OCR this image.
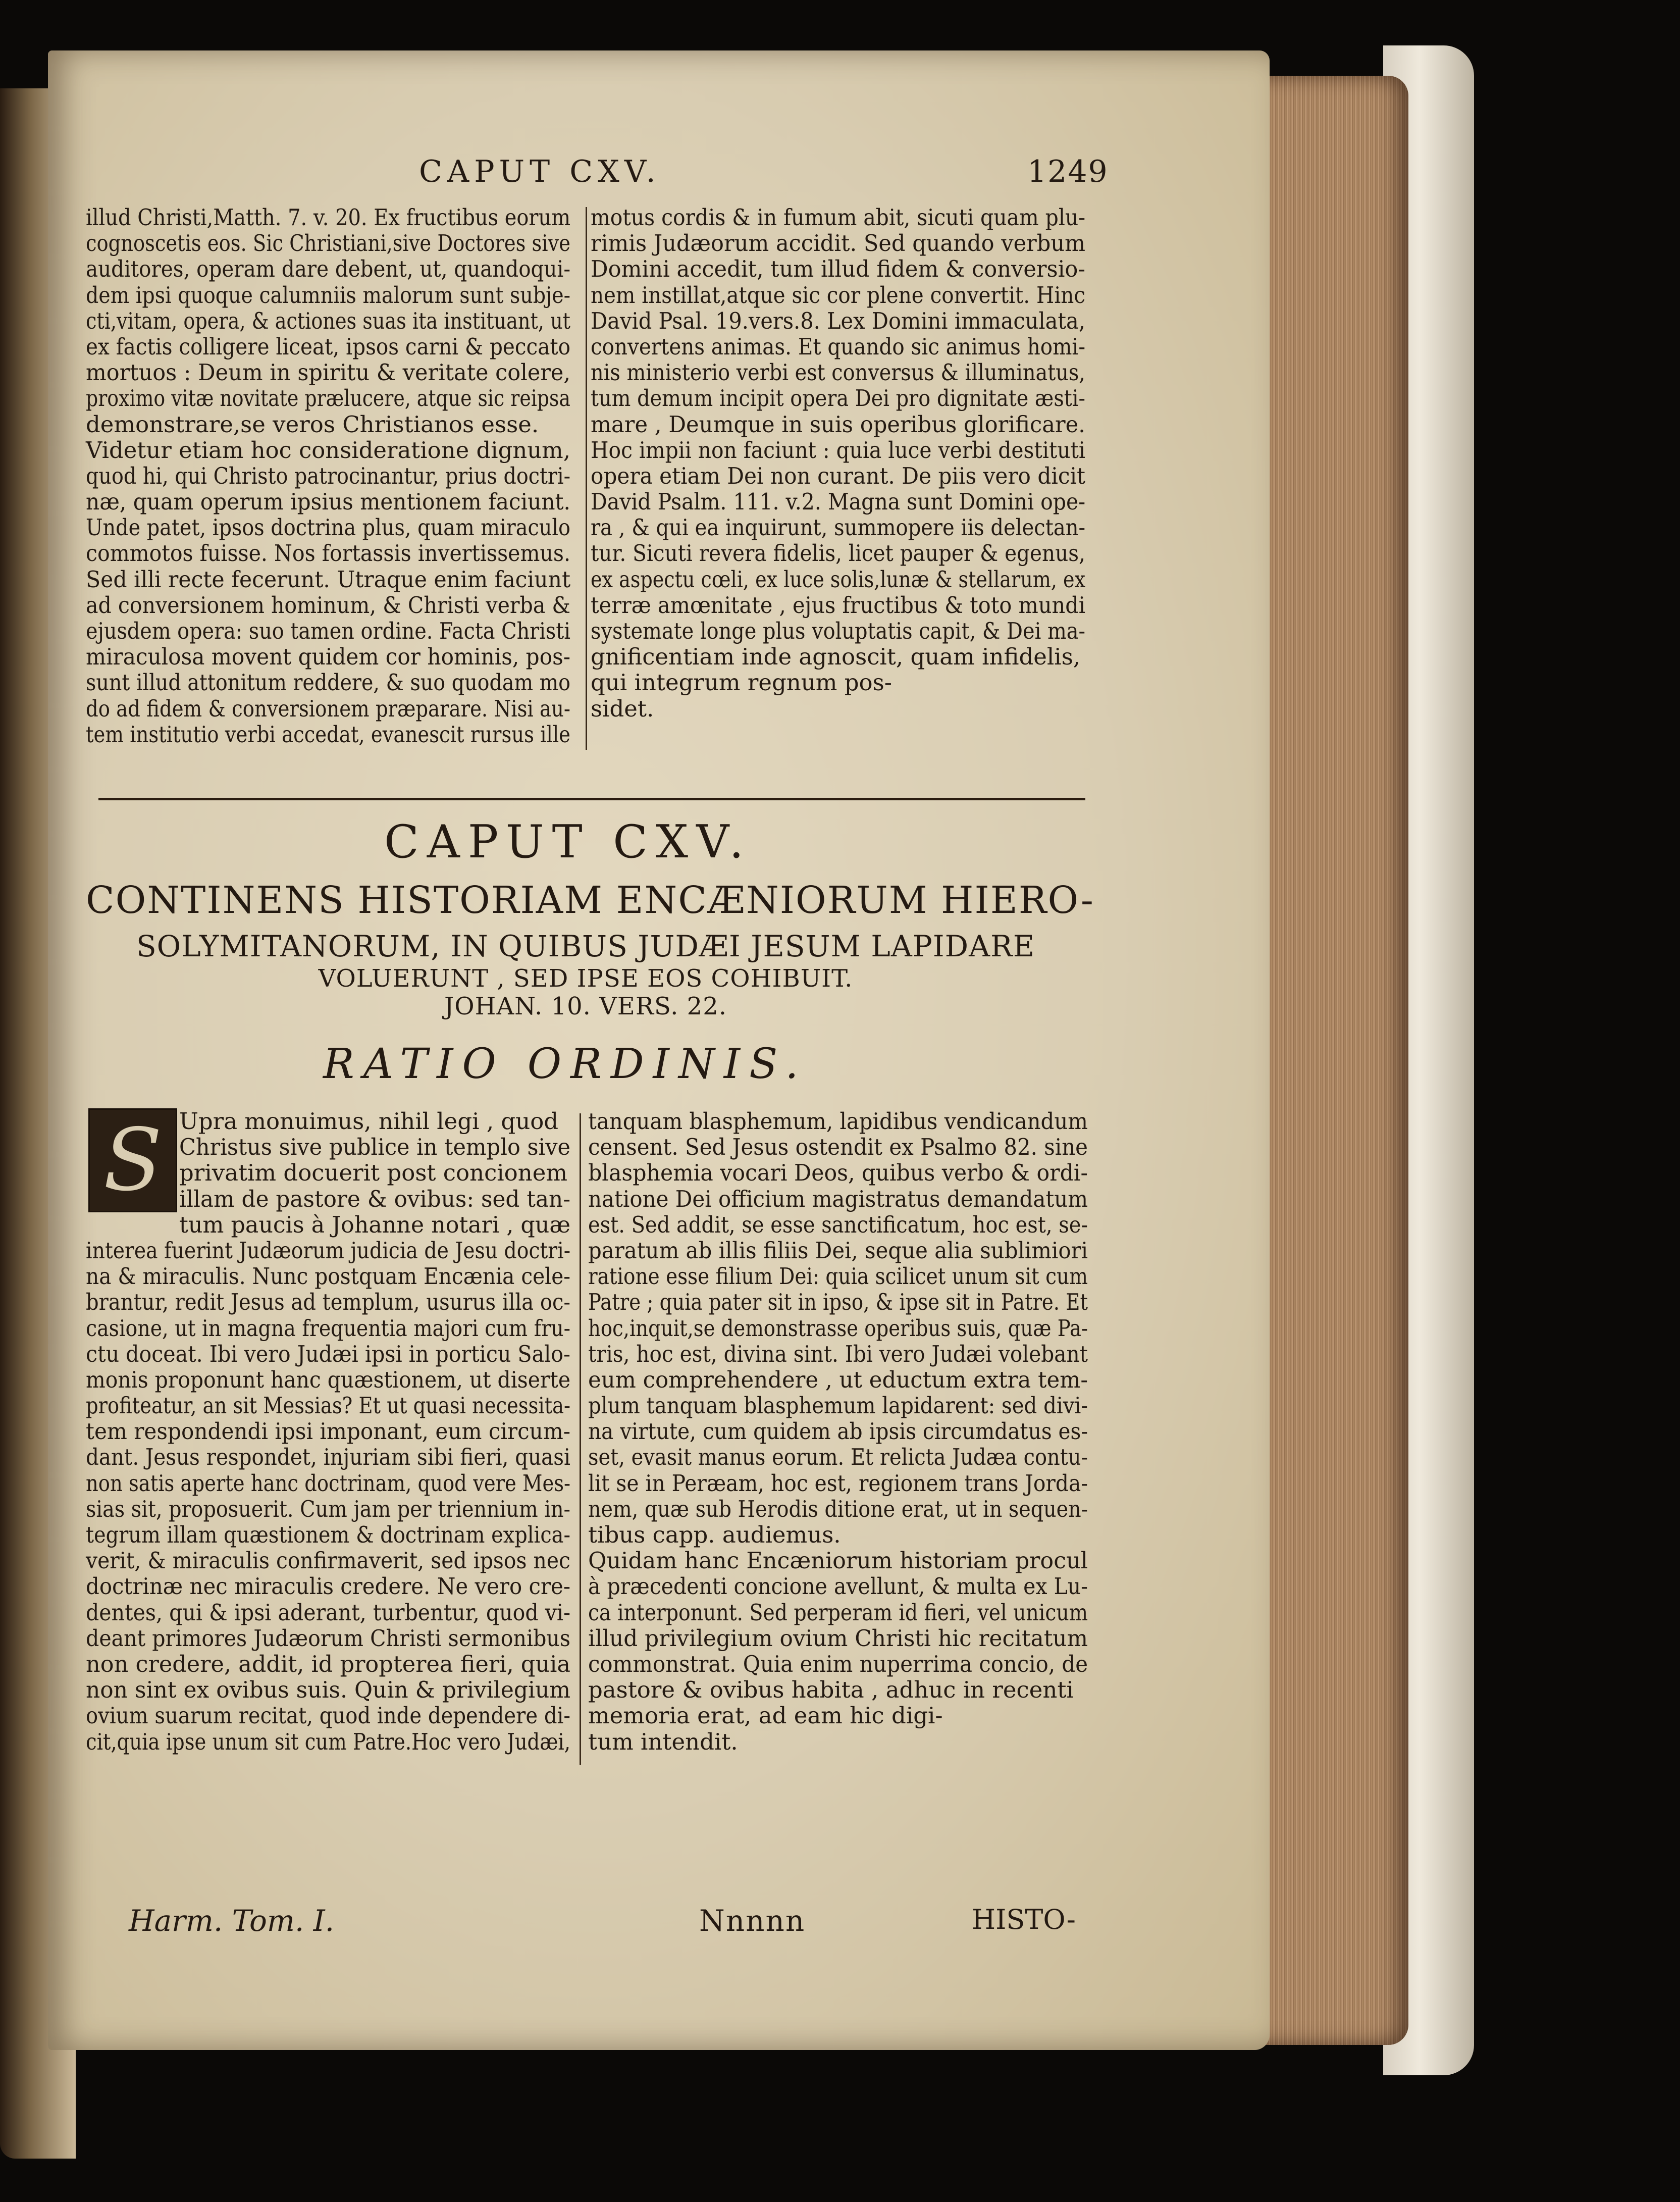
CAPUT CXV.	1249
illud Christi,Matth. 7. v. 20. Ex fructibus eorum
cognoscetis eos. Sic Christiani,sive Doctores sive
auditores, operam dare debent, ut, quandoqui-
dem ipsi quoque calumniis malorum sunt subje-
cti,vitam, opera, & actiones suas ita instituant, ut
ex factis colligere liceat, ipsos carni & peccato
mortuos : Deum in spiritu & veritate colere,
proximo vitæ novitate prælucere, atque sic reipsa
demonstrare,se veros Christianos esse.
Videtur etiam hoc consideratione dignum,
quod hi, qui Christo patrocinantur, prius doctri-
næ, quam operum ipsius mentionem faciunt.
Unde patet, ipsos doctrina plus, quam miraculo
commotos fuisse. Nos fortassis invertissemus.
Sed illi recte fecerunt. Utraque enim faciunt
ad conversionem hominum, & Christi verba &
ejusdem opera: suo tamen ordine. Facta Christi
miraculosa movent quidem cor hominis, pos-
sunt illud attonitum reddere, & suo quodam mo
do ad fidem & conversionem præparare. Nisi au-
tem institutio verbi accedat, evanescit rursus ille
motus cordis & in fumum abit, sicuti quam plu-
rimis Judæorum accidit. Sed quando verbum
Domini accedit, tum illud fidem & conversio-
nem instillat,atque sic cor plene convertit. Hinc
David Psal. 19.vers.8. Lex Domini immaculata,
convertens animas. Et quando sic animus homi-
nis ministerio verbi est conversus & illuminatus,
tum demum incipit opera Dei pro dignitate æsti-
mare , Deumque in suis operibus glorificare.
Hoc impii non faciunt : quia luce verbi destituti
opera etiam Dei non curant. De piis vero dicit
David Psalm. 111. v.2. Magna sunt Domini ope-
ra , & qui ea inquirunt, summopere iis delectan-
tur. Sicuti revera fidelis, licet pauper & egenus,
ex aspectu cœli, ex luce solis,lunæ & stellarum, ex
terræ amœnitate , ejus fructibus & toto mundi
systemate longe plus voluptatis capit, & Dei ma-
gnificentiam inde agnoscit, quam infidelis,
qui integrum regnum pos-
sidet.
CAPUT CXV.
CONTINENS HISTORIAM ENCÆNIORUM HIERO-
SOLYMITANORUM, IN QUIBUS JUDÆI JESUM LAPIDARE
VOLUERUNT , SED IPSE EOS COHIBUIT.
JOHAN. 10. VERS. 22.
RATIO ORDINIS.
S Upra monuimus, nihil legi , quod
Christus sive publice in templo sive
privatim docuerit post concionem
illam de pastore & ovibus: sed tan-
tum paucis à Johanne notari , quæ
interea fuerint Judæorum judicia de Jesu doctri-
na & miraculis. Nunc postquam Encænia cele-
brantur, redit Jesus ad templum, usurus illa oc-
casione, ut in magna frequentia majori cum fru-
ctu doceat. Ibi vero Judæi ipsi in porticu Salo-
monis proponunt hanc quæstionem, ut diserte
profiteatur, an sit Messias? Et ut quasi necessita-
tem respondendi ipsi imponant, eum circum-
dant. Jesus respondet, injuriam sibi fieri, quasi
non satis aperte hanc doctrinam, quod vere Mes-
sias sit, proposuerit. Cum jam per triennium in-
tegrum illam quæstionem & doctrinam explica-
verit, & miraculis confirmaverit, sed ipsos nec
doctrinæ nec miraculis credere. Ne vero cre-
dentes, qui & ipsi aderant, turbentur, quod vi-
deant primores Judæorum Christi sermonibus
non credere, addit, id propterea fieri, quia
non sint ex ovibus suis. Quin & privilegium
ovium suarum recitat, quod inde dependere di-
cit,quia ipse unum sit cum Patre.Hoc vero Judæi,
tanquam blasphemum, lapidibus vendicandum
censent. Sed Jesus ostendit ex Psalmo 82. sine
blasphemia vocari Deos, quibus verbo & ordi-
natione Dei officium magistratus demandatum
est. Sed addit, se esse sanctificatum, hoc est, se-
paratum ab illis filiis Dei, seque alia sublimiori
ratione esse filium Dei: quia scilicet unum sit cum
Patre ; quia pater sit in ipso, & ipse sit in Patre. Et
hoc,inquit,se demonstrasse operibus suis, quæ Pa-
tris, hoc est, divina sint. Ibi vero Judæi volebant
eum comprehendere , ut eductum extra tem-
plum tanquam blasphemum lapidarent: sed divi-
na virtute, cum quidem ab ipsis circumdatus es-
set, evasit manus eorum. Et relicta Judæa contu-
lit se in Peræam, hoc est, regionem trans Jorda-
nem, quæ sub Herodis ditione erat, ut in sequen-
tibus capp. audiemus.
Quidam hanc Encæniorum historiam procul
à præcedenti concione avellunt, & multa ex Lu-
ca interponunt. Sed perperam id fieri, vel unicum
illud privilegium ovium Christi hic recitatum
commonstrat. Quia enim nuperrima concio, de
pastore & ovibus habita , adhuc in recenti
memoria erat, ad eam hic digi-
tum intendit.
Harm. Tom. I.	Nnnnn	HISTO-
